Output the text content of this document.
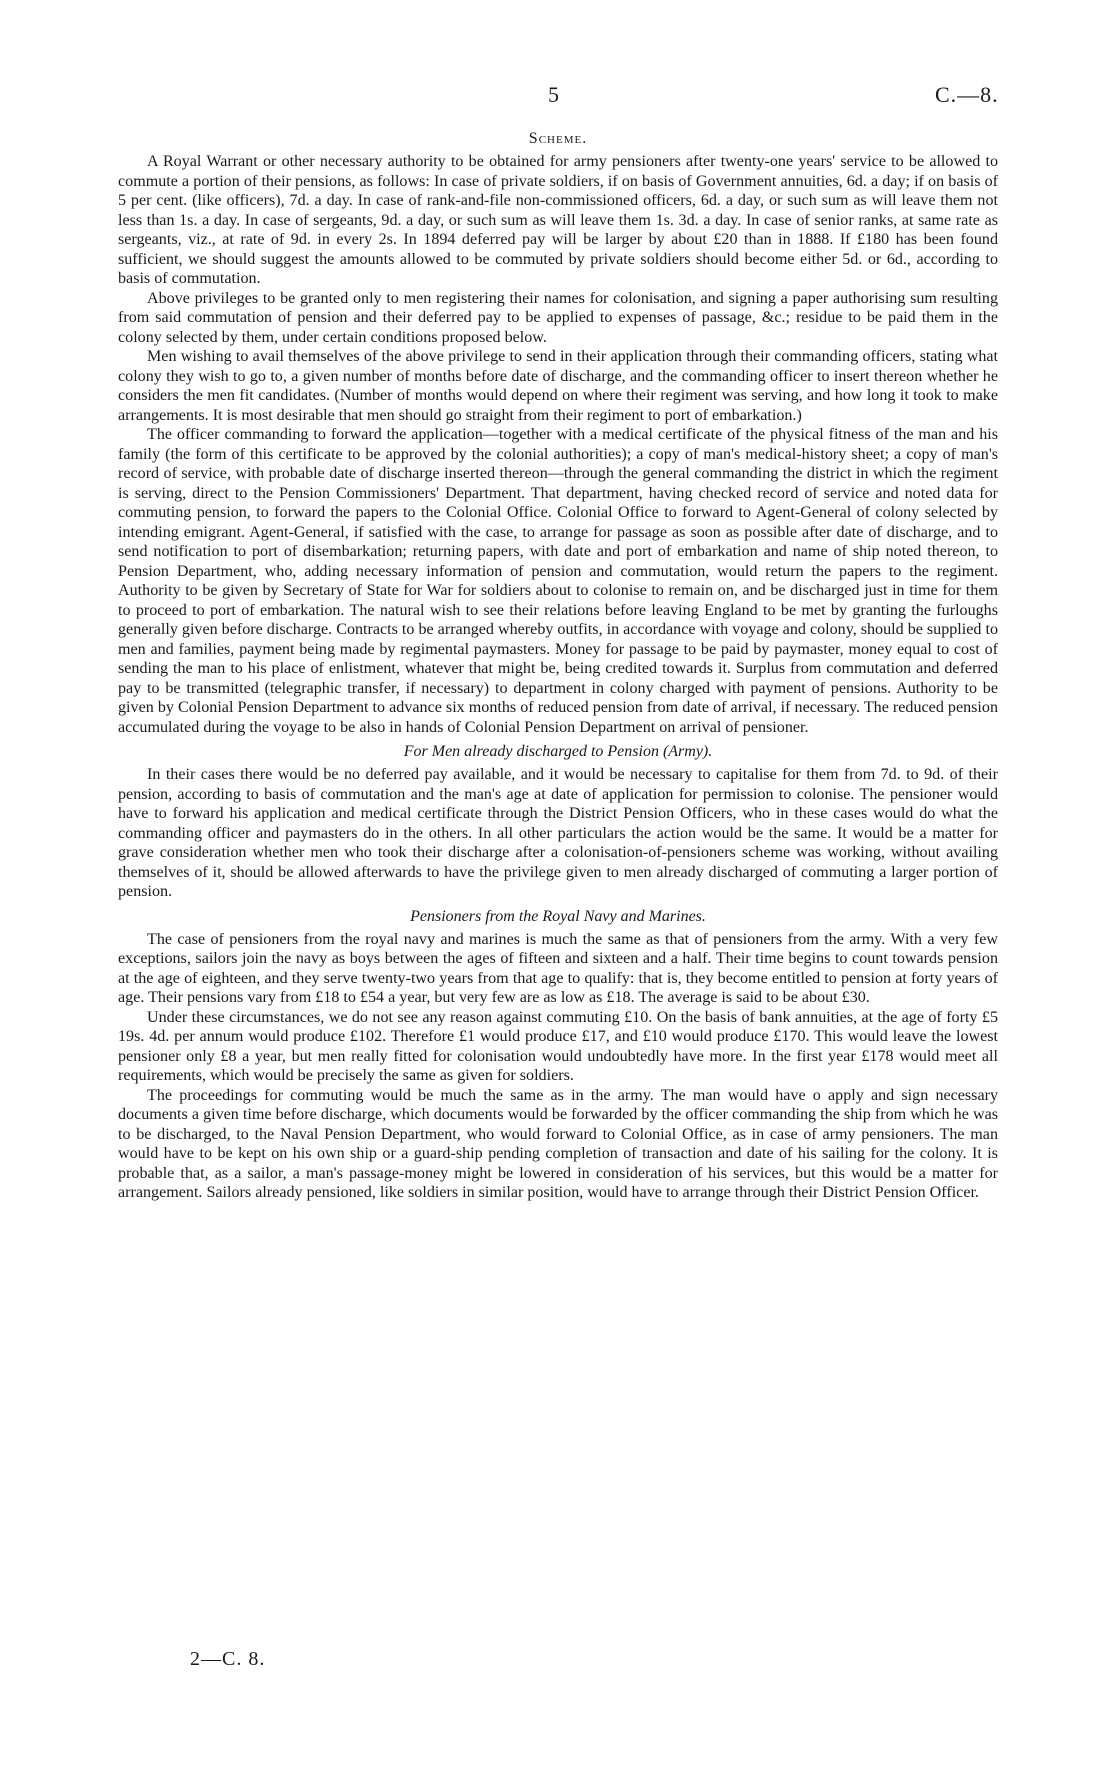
5	C.—8.
Scheme.

A Royal Warrant or other necessary authority to be obtained for army pensioners after twenty-one years' service to be allowed to commute a portion of their pensions, as follows: In case of private soldiers, if on basis of Government annuities, 6d. a day; if on basis of 5 per cent. (like officers), 7d. a day. In case of rank-and-file non-commissioned officers, 6d. a day, or such sum as will leave them not less than 1s. a day. In case of sergeants, 9d. a day, or such sum as will leave them 1s. 3d. a day. In case of senior ranks, at same rate as sergeants, viz., at rate of 9d. in every 2s. In 1894 deferred pay will be larger by about £20 than in 1888. If £180 has been found sufficient, we should suggest the amounts allowed to be commuted by private soldiers should become either 5d. or 6d., according to basis of commutation.

Above privileges to be granted only to men registering their names for colonisation, and signing a paper authorising sum resulting from said commutation of pension and their deferred pay to be applied to expenses of passage, &c.; residue to be paid them in the colony selected by them, under certain conditions proposed below.

Men wishing to avail themselves of the above privilege to send in their application through their commanding officers, stating what colony they wish to go to, a given number of months before date of discharge, and the commanding officer to insert thereon whether he considers the men fit candidates. (Number of months would depend on where their regiment was serving, and how long it took to make arrangements. It is most desirable that men should go straight from their regiment to port of embarkation.)

The officer commanding to forward the application—together with a medical certificate of the physical fitness of the man and his family (the form of this certificate to be approved by the colonial authorities); a copy of man's medical-history sheet; a copy of man's record of service, with probable date of discharge inserted thereon—through the general commanding the district in which the regiment is serving, direct to the Pension Commissioners' Department. That department, having checked record of service and noted data for commuting pension, to forward the papers to the Colonial Office. Colonial Office to forward to Agent-General of colony selected by intending emigrant. Agent-General, if satisfied with the case, to arrange for passage as soon as possible after date of discharge, and to send notification to port of disembarkation; returning papers, with date and port of embarkation and name of ship noted thereon, to Pension Department, who, adding necessary information of pension and commutation, would return the papers to the regiment. Authority to be given by Secretary of State for War for soldiers about to colonise to remain on, and be discharged just in time for them to proceed to port of embarkation. The natural wish to see their relations before leaving England to be met by granting the furloughs generally given before discharge. Contracts to be arranged whereby outfits, in accordance with voyage and colony, should be supplied to men and families, payment being made by regimental paymasters. Money for passage to be paid by paymaster, money equal to cost of sending the man to his place of enlistment, whatever that might be, being credited towards it. Surplus from commutation and deferred pay to be transmitted (telegraphic transfer, if necessary) to department in colony charged with payment of pensions. Authority to be given by Colonial Pension Department to advance six months of reduced pension from date of arrival, if necessary. The reduced pension accumulated during the voyage to be also in hands of Colonial Pension Department on arrival of pensioner.

For Men already discharged to Pension (Army).

In their cases there would be no deferred pay available, and it would be necessary to capitalise for them from 7d. to 9d. of their pension, according to basis of commutation and the man's age at date of application for permission to colonise. The pensioner would have to forward his application and medical certificate through the District Pension Officers, who in these cases would do what the commanding officer and paymasters do in the others. In all other particulars the action would be the same. It would be a matter for grave consideration whether men who took their discharge after a colonisation-of-pensioners scheme was working, without availing themselves of it, should be allowed afterwards to have the privilege given to men already discharged of commuting a larger portion of pension.

Pensioners from the Royal Navy and Marines.

The case of pensioners from the royal navy and marines is much the same as that of pensioners from the army. With a very few exceptions, sailors join the navy as boys between the ages of fifteen and sixteen and a half. Their time begins to count towards pension at the age of eighteen, and they serve twenty-two years from that age to qualify: that is, they become entitled to pension at forty years of age. Their pensions vary from £18 to £54 a year, but very few are as low as £18. The average is said to be about £30.

Under these circumstances, we do not see any reason against commuting £10. On the basis of bank annuities, at the age of forty £5 19s. 4d. per annum would produce £102. Therefore £1 would produce £17, and £10 would produce £170. This would leave the lowest pensioner only £8 a year, but men really fitted for colonisation would undoubtedly have more. In the first year £178 would meet all requirements, which would be precisely the same as given for soldiers.

The proceedings for commuting would be much the same as in the army. The man would have o apply and sign necessary documents a given time before discharge, which documents would be forwarded by the officer commanding the ship from which he was to be discharged, to the Naval Pension Department, who would forward to Colonial Office, as in case of army pensioners. The man would have to be kept on his own ship or a guard-ship pending completion of transaction and date of his sailing for the colony. It is probable that, as a sailor, a man's passage-money might be lowered in consideration of his services, but this would be a matter for arrangement. Sailors already pensioned, like soldiers in similar position, would have to arrange through their District Pension Officer.

2—C. 8.
